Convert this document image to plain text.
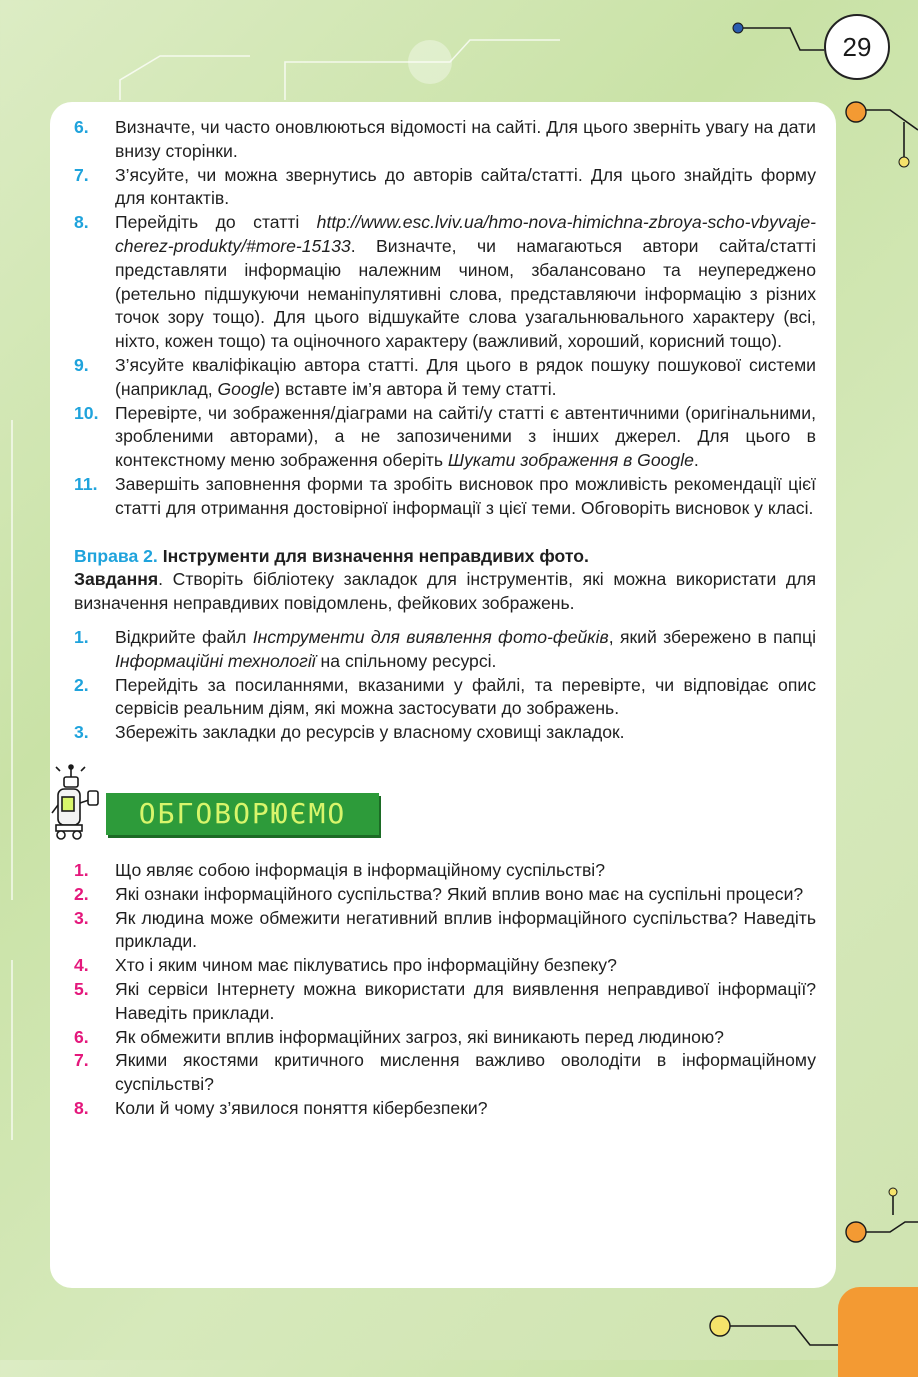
29
6. Визначте, чи часто оновлюються відомості на сайті. Для цього зверніть увагу на дати внизу сторінки.
7. З’ясуйте, чи можна звернутись до авторів сайта/статті. Для цього знайдіть форму для контактів.
8. Перейдіть до статті http://www.esc.lviv.ua/hmo-nova-himichna-zbroya-scho-vbyvaje-cherez-produkty/#more-15133. Визначте, чи намагаються автори сайта/статті представляти інформацію належним чином, збалансовано та неупереджено (ретельно підшукуючи неманіпулятивні слова, представляючи інформацію з різних точок зору тощо). Для цього відшукайте слова узагальнювального характеру (всі, ніхто, кожен тощо) та оціночного характеру (важливий, хороший, корисний тощо).
9. З’ясуйте кваліфікацію автора статті. Для цього в рядок пошуку пошукової системи (наприклад, Google) вставте ім’я автора й тему статті.
10. Перевірте, чи зображення/діаграми на сайті/у статті є автентичними (оригінальними, зробленими авторами), а не запозиченими з інших джерел. Для цього в контекстному меню зображення оберіть Шукати зображення в Google.
11. Завершіть заповнення форми та зробіть висновок про можливість рекомендації цієї статті для отримання достовірної інформації з цієї теми. Обговоріть висновок у класі.

Вправа 2. Інструменти для визначення неправдивих фото.

Завдання. Створіть бібліотеку закладок для інструментів, які можна використати для визначення неправдивих повідомлень, фейкових зображень.

1. Відкрийте файл Інструменти для виявлення фото-фейків, який збережено в папці Інформаційні технології на спільному ресурсі.
2. Перейдіть за посиланнями, вказаними у файлі, та перевірте, чи відповідає опис сервісів реальним діям, які можна застосувати до зображень.
3. Збережіть закладки до ресурсів у власному сховищі закладок.
ОБГОВОРЮЄМО
1. Що являє собою інформація в інформаційному суспільстві?
2. Які ознаки інформаційного суспільства? Який вплив воно має на суспільні процеси?
3. Як людина може обмежити негативний вплив інформаційного суспільства? Наведіть приклади.
4. Хто і яким чином має піклуватись про інформаційну безпеку?
5. Які сервіси Інтернету можна використати для виявлення неправдивої інформації? Наведіть приклади.
6. Як обмежити вплив інформаційних загроз, які виникають перед людиною?
7. Якими якостями критичного мислення важливо оволодіти в інформаційному суспільстві?
8. Коли й чому з’явилося поняття кібербезпеки?
